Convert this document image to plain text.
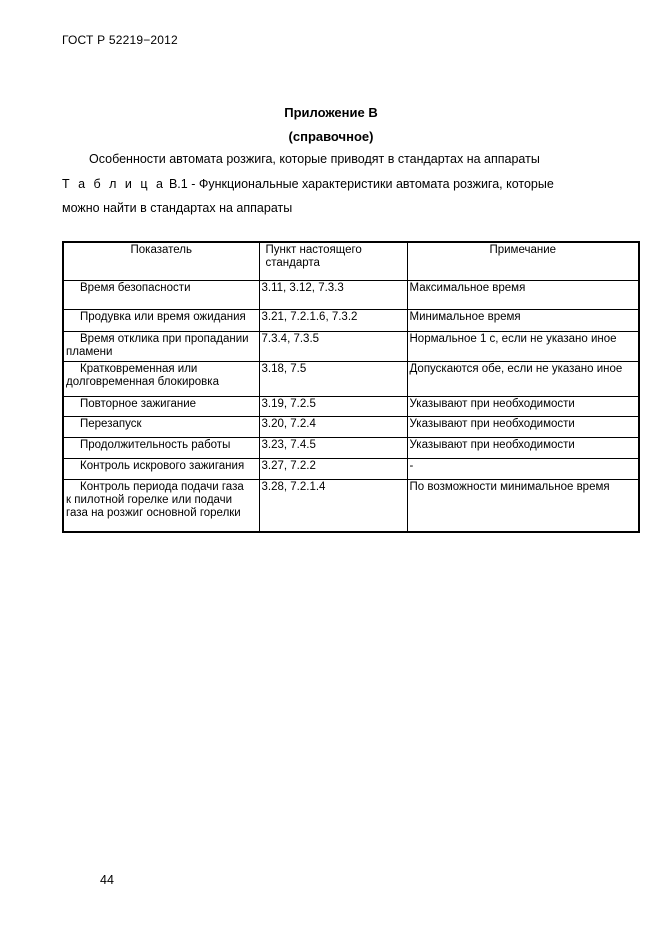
ГОСТ Р 52219−2012
Приложение В
(справочное)
Особенности автомата розжига, которые приводят в стандартах на аппараты
Т а б л и ц а В.1 - Функциональные характеристики автомата розжига, которые
можно найти в стандартах на аппараты
Показатель	Пункт настоящего стандарта	Примечание
Время безопасности	3.11, 3.12, 7.3.3	Максимальное время
Продувка или время ожидания	3.21, 7.2.1.6, 7.3.2	Минимальное время

Время отклика при пропадании
пламени	7.3.4, 7.3.5	Нормальное 1 с, если не указано иное

Кратковременная или
долговременная блокировка	3.18, 7.5	Допускаются обе, если не указано иное
Повторное зажигание	3.19, 7.2.5	Указывают при необходимости
Перезапуск	3.20, 7.2.4	Указывают при необходимости
Продолжительность работы	3.23, 7.4.5	Указывают при необходимости
Контроль искрового зажигания	3.27, 7.2.2	-

Контроль периода подачи газа
к пилотной горелке или подачи газа на розжиг основной горелки	3.28, 7.2.1.4	По возможности минимальное время
44
